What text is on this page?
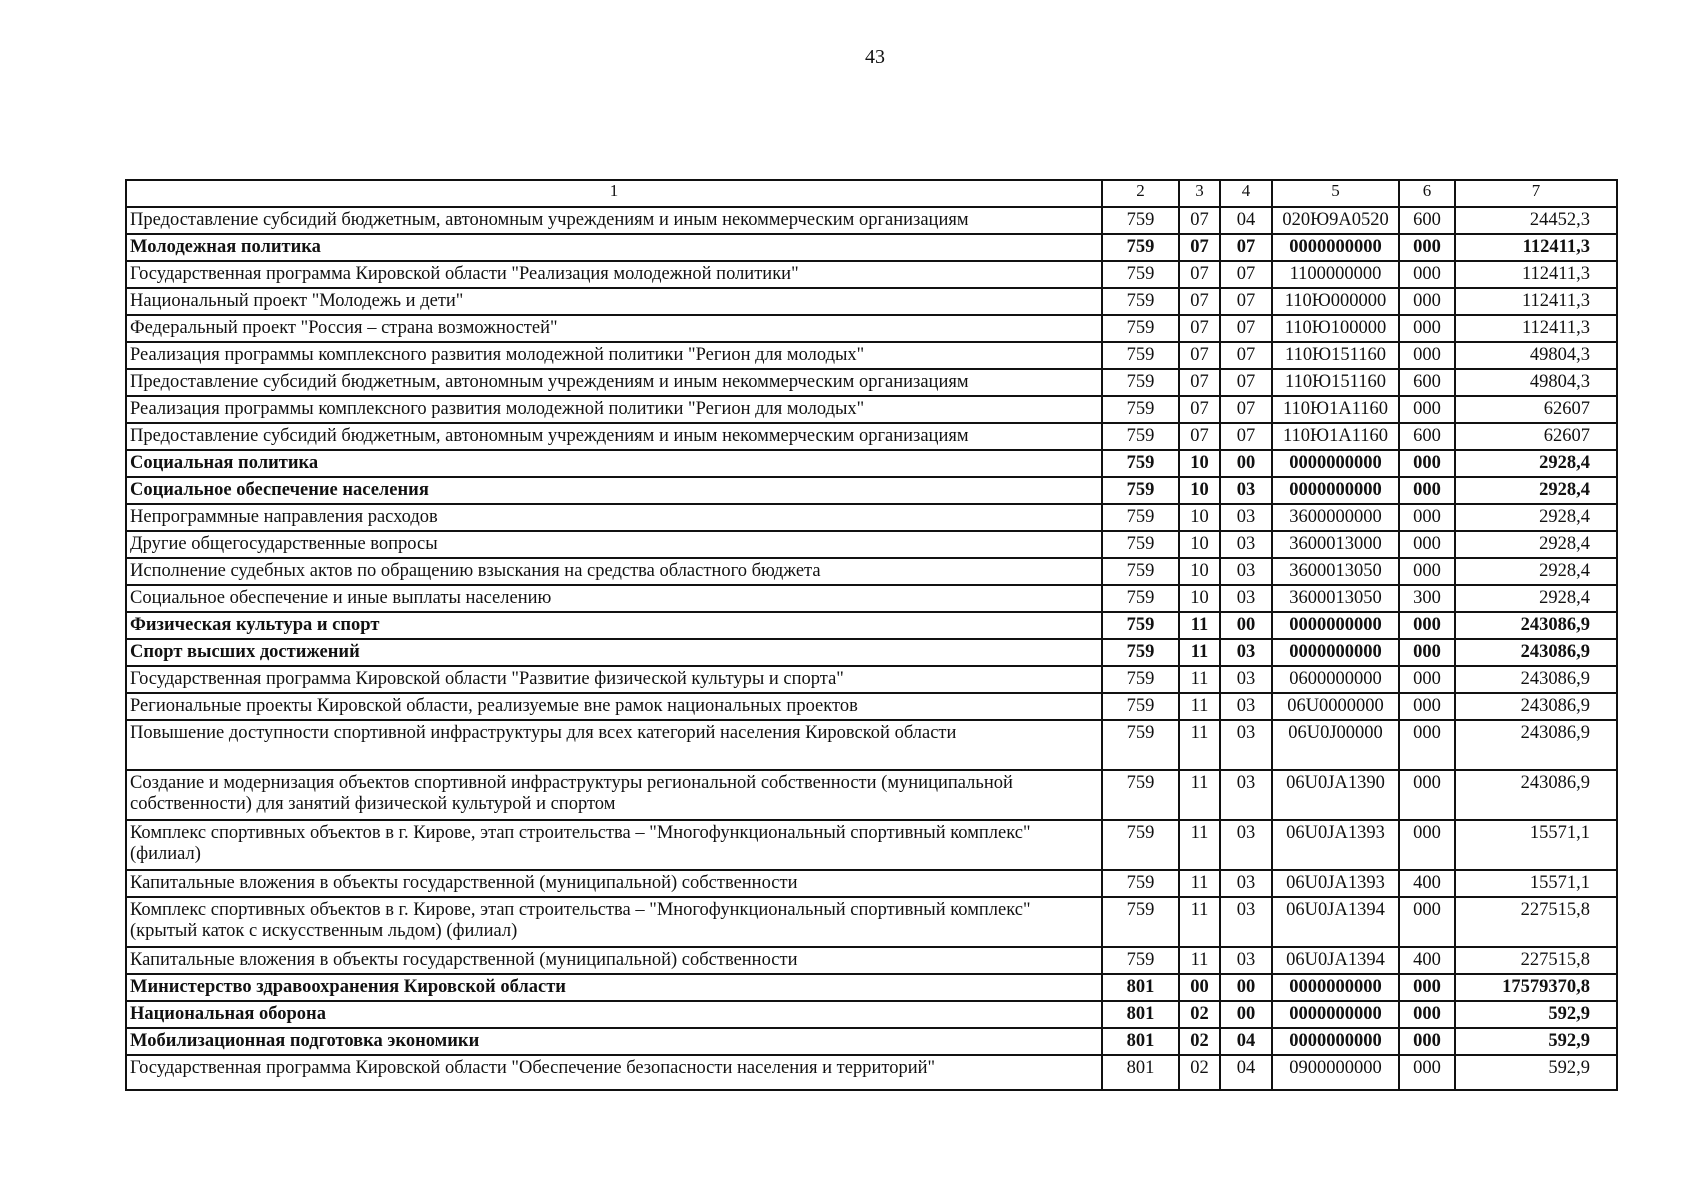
43
1	2	3	4	5	6	7
Предоставление субсидий бюджетным, автономным учреждениям и иным некоммерческим организациям	759	07	04	020Ю9А0520	600	24452,3
Молодежная политика	759	07	07	0000000000	000	112411,3
Государственная программа Кировской области "Реализация молодежной политики"	759	07	07	1100000000	000	112411,3
Национальный проект "Молодежь и дети"	759	07	07	110Ю000000	000	112411,3
Федеральный проект "Россия – страна возможностей"	759	07	07	110Ю100000	000	112411,3
Реализация программы комплексного развития молодежной политики "Регион для молодых"	759	07	07	110Ю151160	000	49804,3
Предоставление субсидий бюджетным, автономным учреждениям и иным некоммерческим организациям	759	07	07	110Ю151160	600	49804,3
Реализация программы комплексного развития молодежной политики "Регион для молодых"	759	07	07	110Ю1А1160	000	62607
Предоставление субсидий бюджетным, автономным учреждениям и иным некоммерческим организациям	759	07	07	110Ю1А1160	600	62607
Социальная политика	759	10	00	0000000000	000	2928,4
Социальное обеспечение населения	759	10	03	0000000000	000	2928,4
Непрограммные направления расходов	759	10	03	3600000000	000	2928,4
Другие общегосударственные вопросы	759	10	03	3600013000	000	2928,4
Исполнение судебных актов по обращению взыскания на средства областного бюджета	759	10	03	3600013050	000	2928,4
Социальное обеспечение и иные выплаты населению	759	10	03	3600013050	300	2928,4
Физическая культура и спорт	759	11	00	0000000000	000	243086,9
Спорт высших достижений	759	11	03	0000000000	000	243086,9
Государственная программа Кировской области "Развитие физической культуры и спорта"	759	11	03	0600000000	000	243086,9
Региональные проекты Кировской области, реализуемые вне рамок национальных проектов	759	11	03	06U0000000	000	243086,9
Повышение доступности спортивной инфраструктуры для всех категорий населения Кировской области	759	11	03	06U0J00000	000	243086,9
Создание и модернизация объектов спортивной инфраструктуры региональной собственности (муниципальной собственности) для занятий физической культурой и спортом	759	11	03	06U0JA1390	000	243086,9
Комплекс спортивных объектов в г. Кирове, этап строительства – "Многофункциональный спортивный комплекс" (филиал)	759	11	03	06U0JA1393	000	15571,1
Капитальные вложения в объекты государственной (муниципальной) собственности	759	11	03	06U0JA1393	400	15571,1
Комплекс спортивных объектов в г. Кирове, этап строительства – "Многофункциональный спортивный комплекс" (крытый каток с искусственным льдом) (филиал)	759	11	03	06U0JA1394	000	227515,8
Капитальные вложения в объекты государственной (муниципальной) собственности	759	11	03	06U0JA1394	400	227515,8
Министерство здравоохранения Кировской области	801	00	00	0000000000	000	17579370,8
Национальная оборона	801	02	00	0000000000	000	592,9
Мобилизационная подготовка экономики	801	02	04	0000000000	000	592,9
Государственная программа Кировской области "Обеспечение безопасности населения и территорий"	801	02	04	0900000000	000	592,9
